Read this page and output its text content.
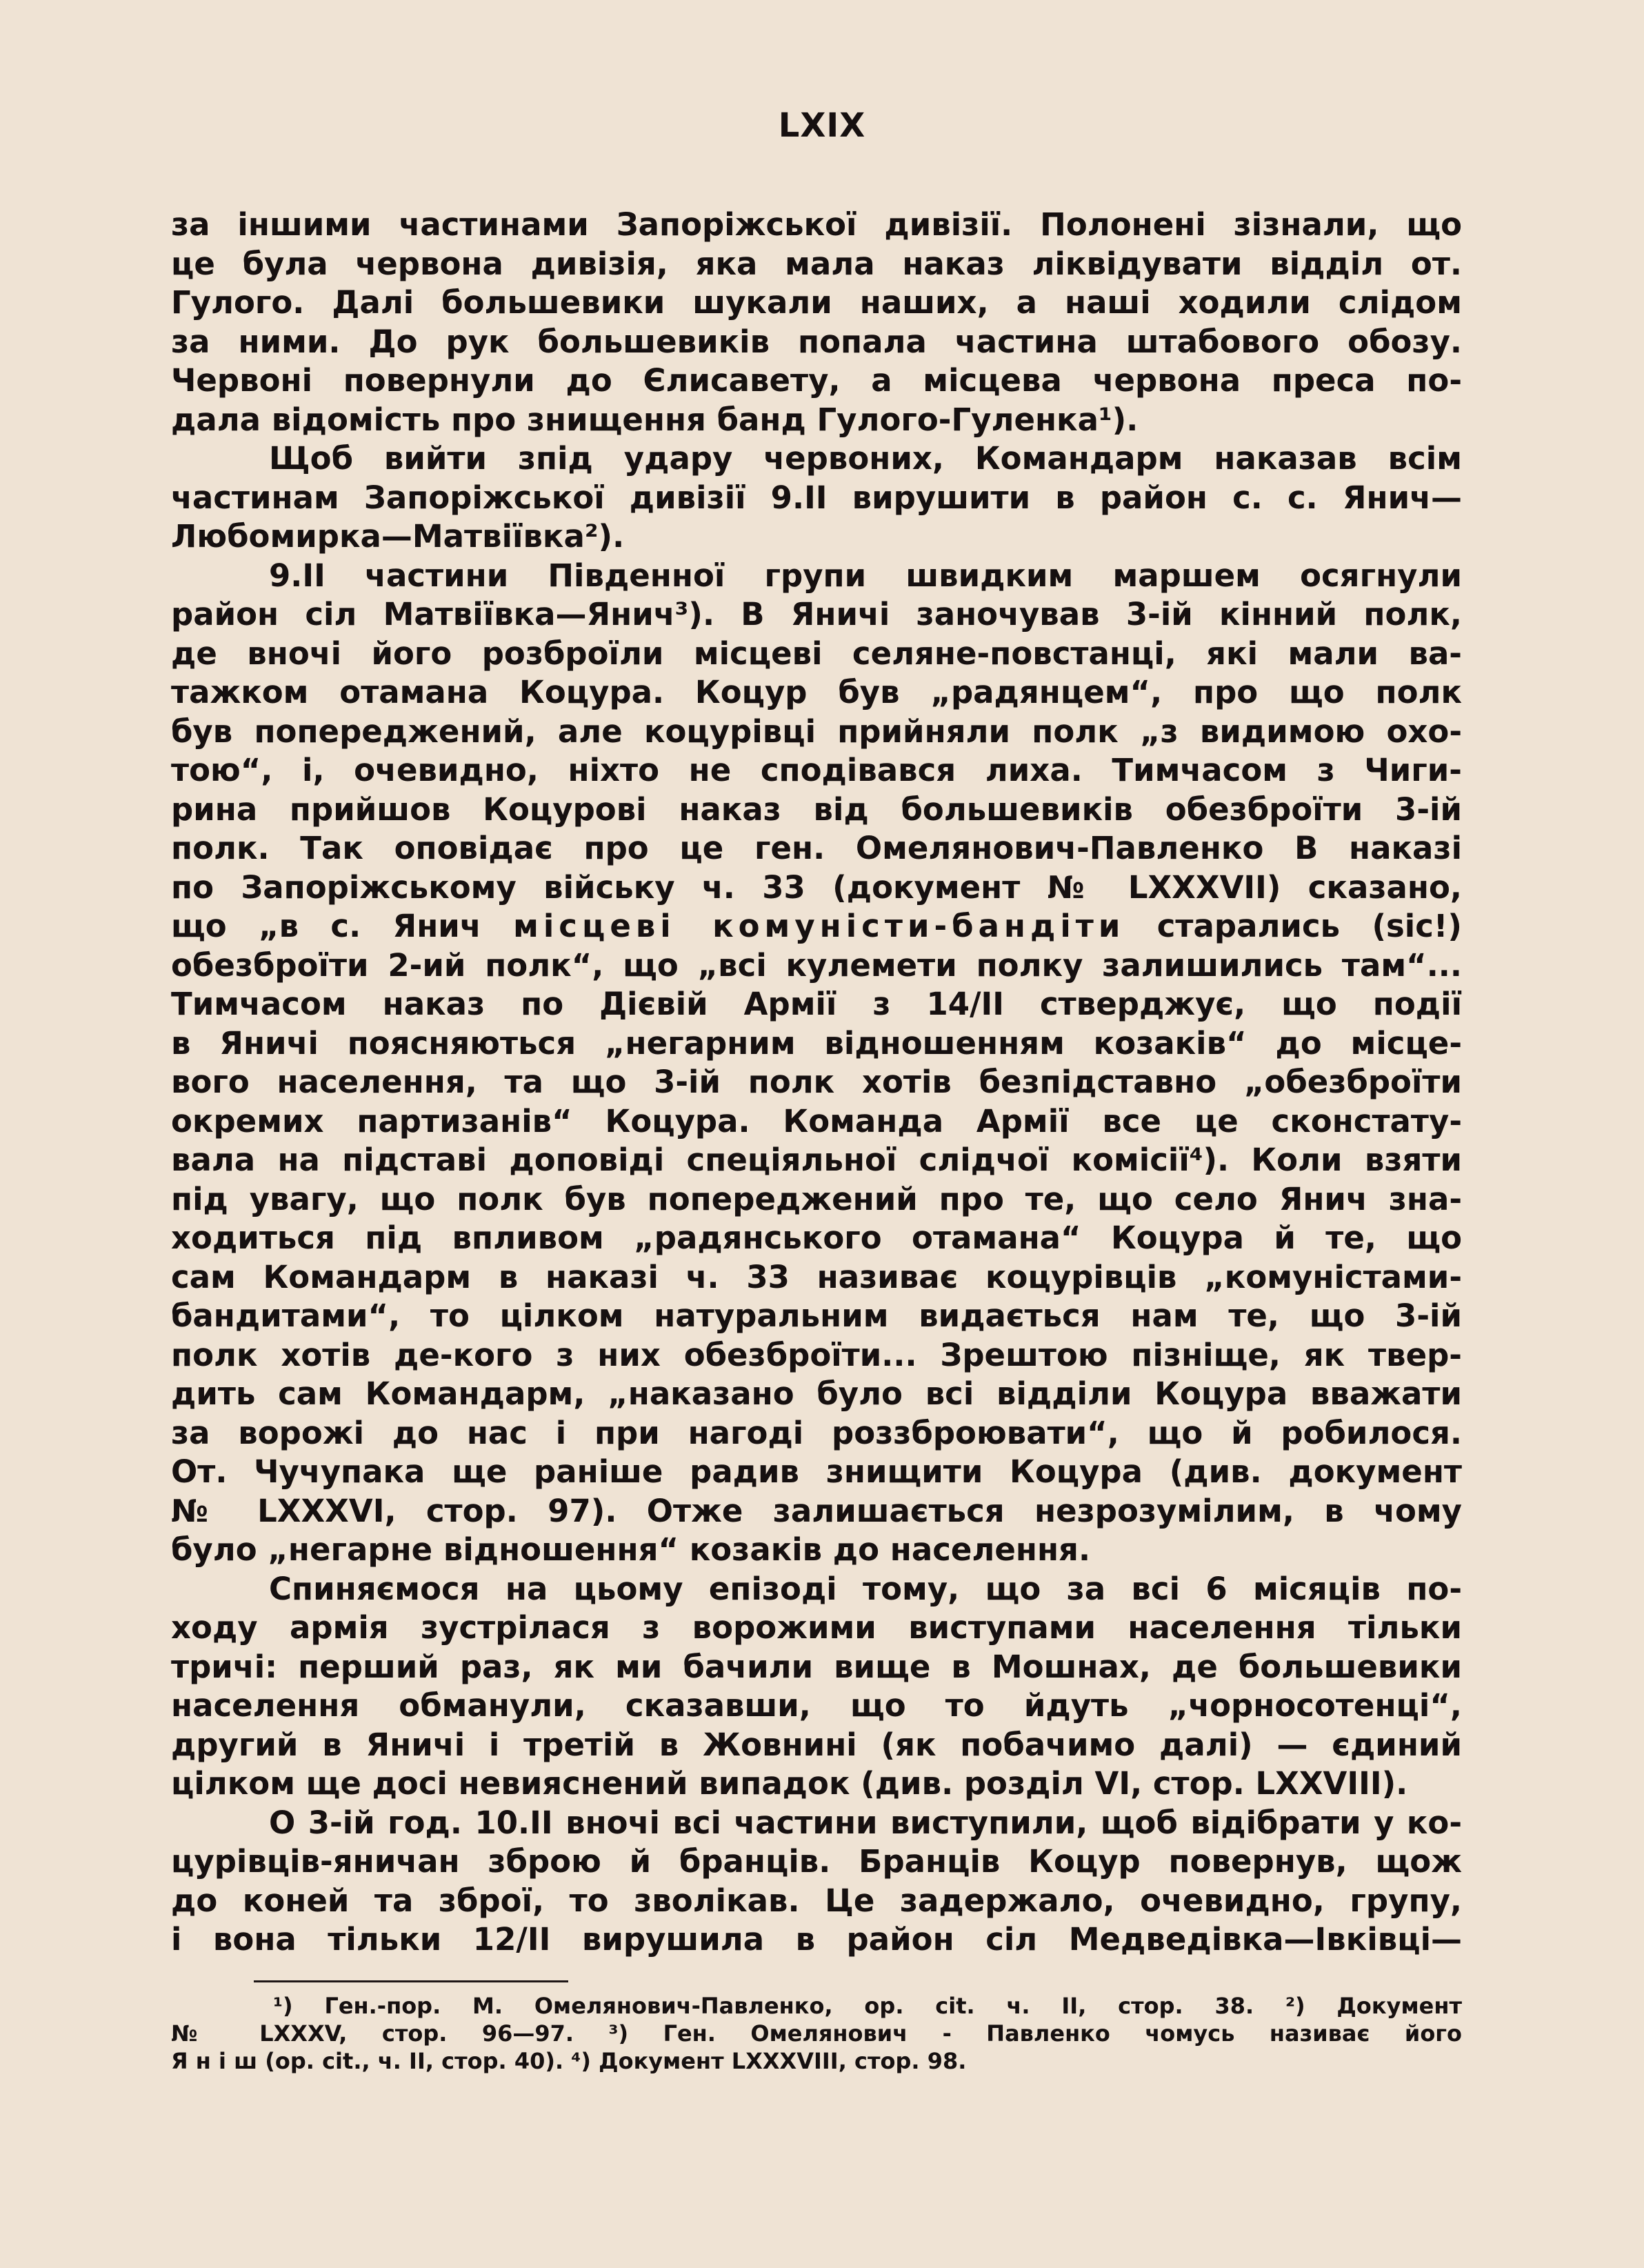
LXIX
за іншими частинами Запоріжської дивізії. Полонені зізнали, що
це була червона дивізія, яка мала наказ ліквідувати відділ от.
Гулого. Далі большевики шукали наших, а наші ходили слідом
за ними. До рук большевиків попала частина штабового обозу.
Червоні повернули до Єлисавету, а місцева червона преса по-
дала відомість про знищення банд Гулого-Гуленка¹).
Щоб вийти зпід удару червоних, Командарм наказав всім
частинам Запоріжської дивізії 9.II вирушити в район с. с. Янич—
Любомирка—Матвіївка²).
9.II частини Південної групи швидким маршем осягнули
район сіл Матвіївка—Янич³). В Яничі заночував 3-ій кінний полк,
де вночі його розброїли місцеві селяне-повстанці, які мали ва-
тажком отамана Коцура. Коцур був „радянцем“, про що полк
був попереджений, але коцурівці прийняли полк „з видимою охо-
тою“, і, очевидно, ніхто не сподівався лиха. Тимчасом з Чиги-
рина прийшов Коцурові наказ від большевиків обезброїти 3-ій
полк. Так оповідає про це ген. Омелянович-Павленко В наказі
по Запоріжському війську ч. 33 (документ № LXXXVII) сказано,
що „в с. Янич місцеві комуністи-бандіти старались (sic!)
обезброїти 2-ий полк“, що „всі кулемети полку залишились там“...
Тимчасом наказ по Дієвій Армії з 14/II стверджує, що події
в Яничі поясняються „негарним відношенням козаків“ до місце-
вого населення, та що 3-ій полк хотів безпідставно „обезброїти
окремих партизанів“ Коцура. Команда Армії все це сконстату-
вала на підставі доповіді спеціяльної слідчої комісії⁴). Коли взяти
під увагу, що полк був попереджений про те, що село Янич зна-
ходиться під впливом „радянського отамана“ Коцура й те, що
сам Командарм в наказі ч. 33 називає коцурівців „комуністами-
бандитами“, то цілком натуральним видається нам те, що 3-ій
полк хотів де-кого з них обезброїти... Зрештою пізніще, як твер-
дить сам Командарм, „наказано було всі відділи Коцура вважати
за ворожі до нас і при нагоді роззброювати“, що й робилося.
От. Чучупака ще раніше радив знищити Коцура (див. документ
№ LXXXVI, стор. 97). Отже залишається незрозумілим, в чому
було „негарне відношення“ козаків до населення.
Спиняємося на цьому епізоді тому, що за всі 6 місяців по-
ходу армія зустрілася з ворожими виступами населення тільки
тричі: перший раз, як ми бачили вище в Мошнах, де большевики
населення обманули, сказавши, що то йдуть „чорносотенці“,
другий в Яничі і третій в Жовнині (як побачимо далі) — єдиний
цілком ще досі невияснений випадок (див. розділ VI, стор. LXXVIII).
О 3-ій год. 10.II вночі всі частини виступили, щоб відібрати у ко-
цурівців-яничан зброю й бранців. Бранців Коцур повернув, щож
до коней та зброї, то зволікав. Це задержало, очевидно, групу,
і вона тільки 12/II вирушила в район сіл Медведівка—Івківці—
¹) Ген.-пор. М. Омелянович-Павленко, op. cit. ч. II, стор. 38. ²) Документ
№ LXXXV, стор. 96—97. ³) Ген. Омелянович - Павленко чомусь називає його
Я н і ш (op. cit., ч. II, стор. 40). ⁴) Документ LXXXVIII, стор. 98.
